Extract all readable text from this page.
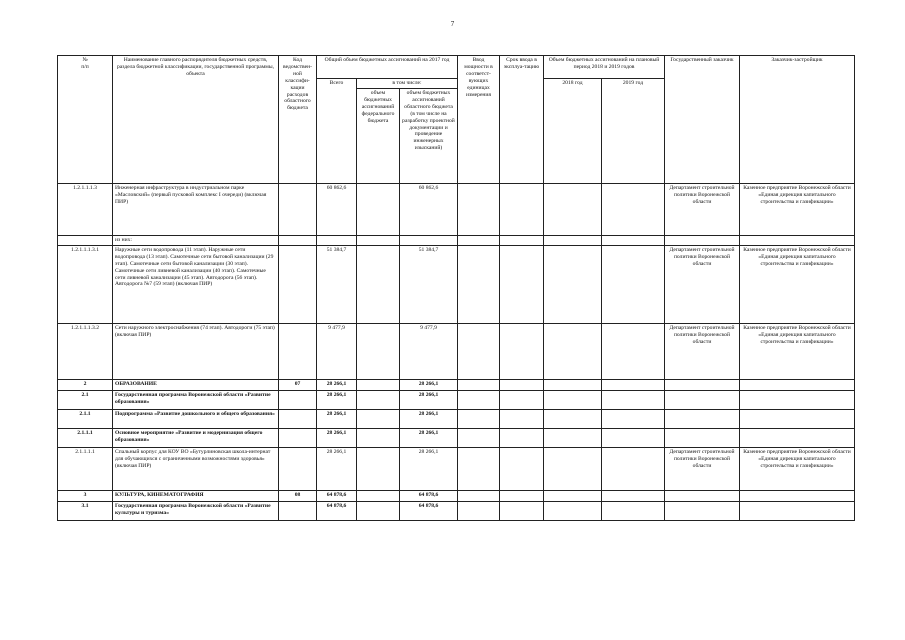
7
№
п/п	Наименование главного распорядителя бюджетных средств, раздела бюджетной классификации, государственной программы, объекта	Код ведомствен-ной классифи-кации расходов областного бюджета	Общий объем бюджетных ассигнований на 2017 год			Ввод мощности в соответст-вующих единицах измерения	Срок ввода в эксплуа-тацию	Объем бюджетных ассигнований на плановый период 2018 и 2019 годов		Государственный заказчик	Заказчик-застройщик
			Всего	в том числе:				2018 год	2019 год		
				объем бюджетных ассигнований федерального бюджета	объем бюджетных ассигнований областного бюджета (в том числе на разработку проектной документации и проведение инженерных изысканий)						
1.2.1.1.1.3	Инженерная инфраструктура в индустриальном парке «Масловский» (первый пусковой комплекс I очереди) (включая ПИР)		60 862,6		60 862,6					Департамент строительной политики Воронежской области	Казенное предприятие Воронежской области «Единая дирекция капитального строительства и газификации»
	из них:										
1.2.1.1.1.3.1	Наружные сети водопровода (11 этап). Наружные сети водопровода (13 этап). Самотечные сети бытовой канализации (29 этап). Самотечные сети бытовой канализации (30 этап). Самотечные сети ливневой канализации (40 этап). Самотечные сети ливневой канализации (45 этап). Автодорога (56 этап). Автодорога №7 (59 этап) (включая ПИР)		51 384,7		51 384,7					Департамент строительной политики Воронежской области	Казенное предприятие Воронежской области «Единая дирекция капитального строительства и газификации»
1.2.1.1.1.3.2	Сети наружного электроснабжения (74 этап). Автодороги (75 этап) (включая ПИР)		9 477,9		9 477,9					Департамент строительной политики Воронежской области	Казенное предприятие Воронежской области «Единая дирекция капитального строительства и газификации»
2	ОБРАЗОВАНИЕ	07	28 266,1		28 266,1						
2.1	Государственная программа Воронежской области «Развитие образования»		28 266,1		28 266,1						
2.1.1	Подпрограмма «Развитие дошкольного и общего образования»		28 266,1		28 266,1						
2.1.1.1	Основное мероприятие «Развитие и модернизация общего образования»		28 266,1		28 266,1						
2.1.1.1.1	Спальный корпус для КОУ ВО «Бутурлиновская школа-интернат для обучающихся с ограниченными возможностями здоровья» (включая ПИР)		28 266,1		28 266,1					Департамент строительной политики Воронежской области	Казенное предприятие Воронежской области «Единая дирекция капитального строительства и газификации»
3	КУЛЬТУРА, КИНЕМАТОГРАФИЯ	08	64 878,6		64 878,6						
3.1	Государственная программа Воронежской области «Развитие культуры и туризма»		64 878,6		64 878,6						
